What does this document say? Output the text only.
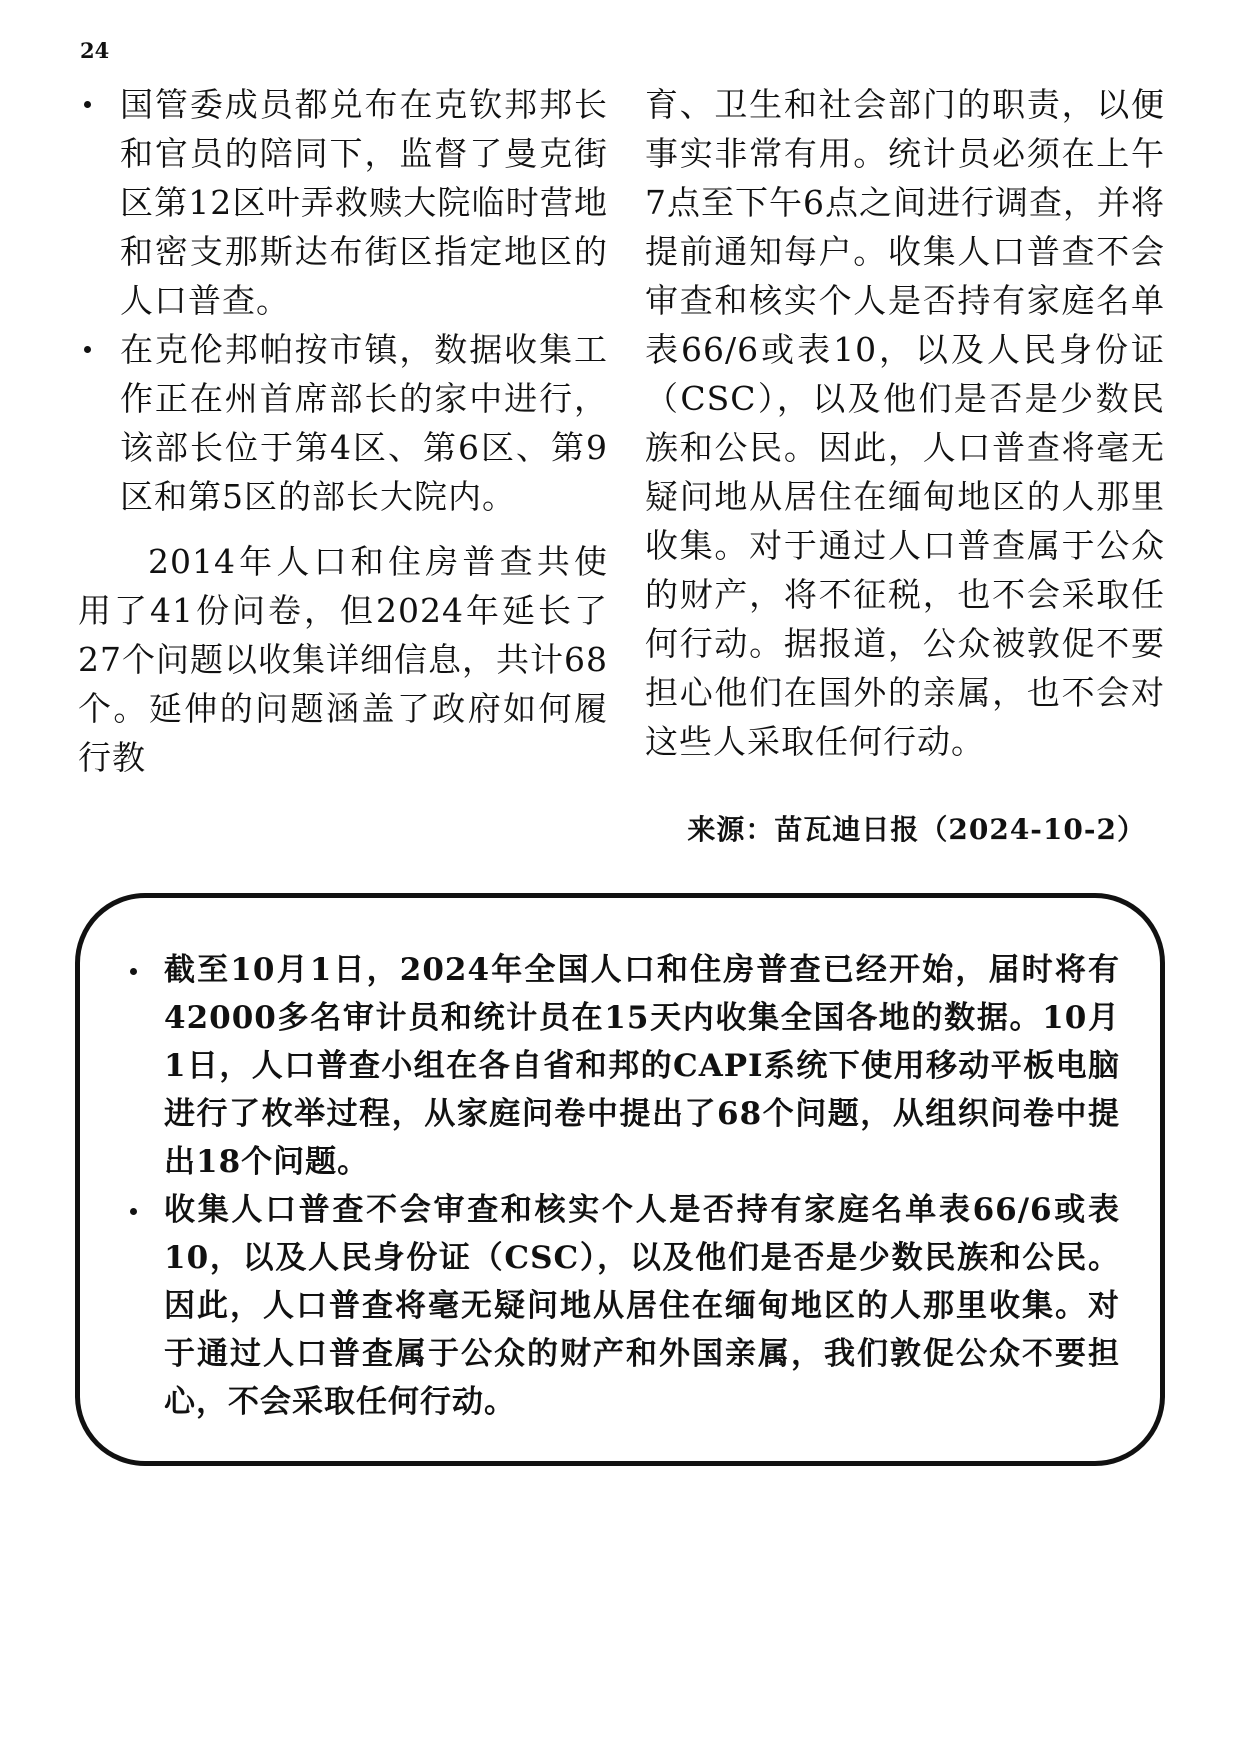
24
国管委成员都兑布在克钦邦邦长和官员的陪同下，监督了曼克街区第12区叶弄救赎大院临时营地和密支那斯达布街区指定地区的人口普查。
在克伦邦帕按市镇，数据收集工作正在州首席部长的家中进行，该部长位于第4区、第6区、第9区和第5区的部长大院内。

2014年人口和住房普查共使用了41份问卷，但2024年延长了27个问题以收集详细信息，共计68个。延伸的问题涵盖了政府如何履行教

育、卫生和社会部门的职责，以便事实非常有用。统计员必须在上午7点至下午6点之间进行调查，并将提前通知每户。收集人口普查不会审查和核实个人是否持有家庭名单表66/6或表10，以及人民身份证（CSC），以及他们是否是少数民族和公民。因此，人口普查将毫无疑问地从居住在缅甸地区的人那里收集。对于通过人口普查属于公众的财产，将不征税，也不会采取任何行动。据报道，公众被敦促不要担心他们在国外的亲属，也不会对这些人采取任何行动。

来源：苗瓦迪日报（2024-10-2）
截至10月1日，2024年全国人口和住房普查已经开始，届时将有42000多名审计员和统计员在15天内收集全国各地的数据。10月1日，人口普查小组在各自省和邦的CAPI系统下使用移动平板电脑进行了枚举过程，从家庭问卷中提出了68个问题，从组织问卷中提出18个问题。
收集人口普查不会审查和核实个人是否持有家庭名单表66/6或表10，以及人民身份证（CSC），以及他们是否是少数民族和公民。因此，人口普查将毫无疑问地从居住在缅甸地区的人那里收集。对于通过人口普查属于公众的财产和外国亲属，我们敦促公众不要担心，不会采取任何行动。
